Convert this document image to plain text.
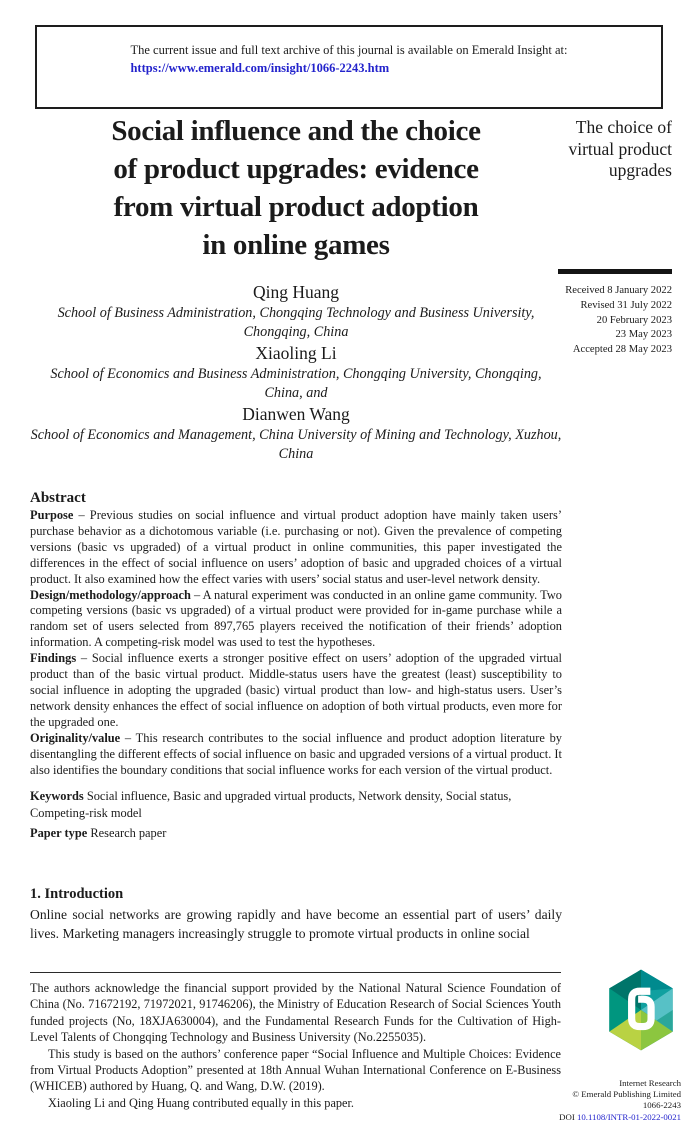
The current issue and full text archive of this journal is available on Emerald Insight at:
https://www.emerald.com/insight/1066-2243.htm
The choice of virtual product upgrades
Received 8 January 2022
Revised 31 July 2022
20 February 2023
23 May 2023
Accepted 28 May 2023
Social influence and the choice
of product upgrades: evidence
from virtual product adoption
in online games
Qing Huang
School of Business Administration, Chongqing Technology and Business University, Chongqing, China
Xiaoling Li
School of Economics and Business Administration, Chongqing University, Chongqing, China, and
Dianwen Wang
School of Economics and Management, China University of Mining and Technology, Xuzhou, China
Abstract

Purpose – Previous studies on social influence and virtual product adoption have mainly taken users’ purchase behavior as a dichotomous variable (i.e. purchasing or not). Given the prevalence of competing versions (basic vs upgraded) of a virtual product in online communities, this paper investigated the differences in the effect of social influence on users’ adoption of basic and upgraded choices of a virtual product. It also examined how the effect varies with users’ social status and user-level network density.

Design/methodology/approach – A natural experiment was conducted in an online game community. Two competing versions (basic vs upgraded) of a virtual product were provided for in-game purchase while a random set of users selected from 897,765 players received the notification of their friends’ adoption information. A competing-risk model was used to test the hypotheses.

Findings – Social influence exerts a stronger positive effect on users’ adoption of the upgraded virtual product than of the basic virtual product. Middle-status users have the greatest (least) susceptibility to social influence in adopting the upgraded (basic) virtual product than low- and high-status users. User’s network density enhances the effect of social influence on adoption of both virtual products, even more for the upgraded one.

Originality/value – This research contributes to the social influence and product adoption literature by disentangling the different effects of social influence on basic and upgraded versions of a virtual product. It also identifies the boundary conditions that social influence works for each version of the virtual product.

Keywords Social influence, Basic and upgraded virtual products, Network density, Social status, Competing-risk model
Paper type Research paper
1. Introduction

Online social networks are growing rapidly and have become an essential part of users’ daily lives. Marketing managers increasingly struggle to promote virtual products in online social

The authors acknowledge the financial support provided by the National Natural Science Foundation of China (No. 71672192, 71972021, 91746206), the Ministry of Education Research of Social Sciences Youth funded projects (No, 18XJA630004), and the Fundamental Research Funds for the Cultivation of High-Level Talents of Chongqing Technology and Business University (No.2255035).

This study is based on the authors’ conference paper “Social Influence and Multiple Choices: Evidence from Virtual Products Adoption” presented at 18th Annual Wuhan International Conference on E-Business (WHICEB) authored by Huang, Q. and Wang, D.W. (2019).

Xiaoling Li and Qing Huang contributed equally in this paper.

Internet Research
© Emerald Publishing Limited
1066-2243
DOI 10.1108/INTR-01-2022-0021
